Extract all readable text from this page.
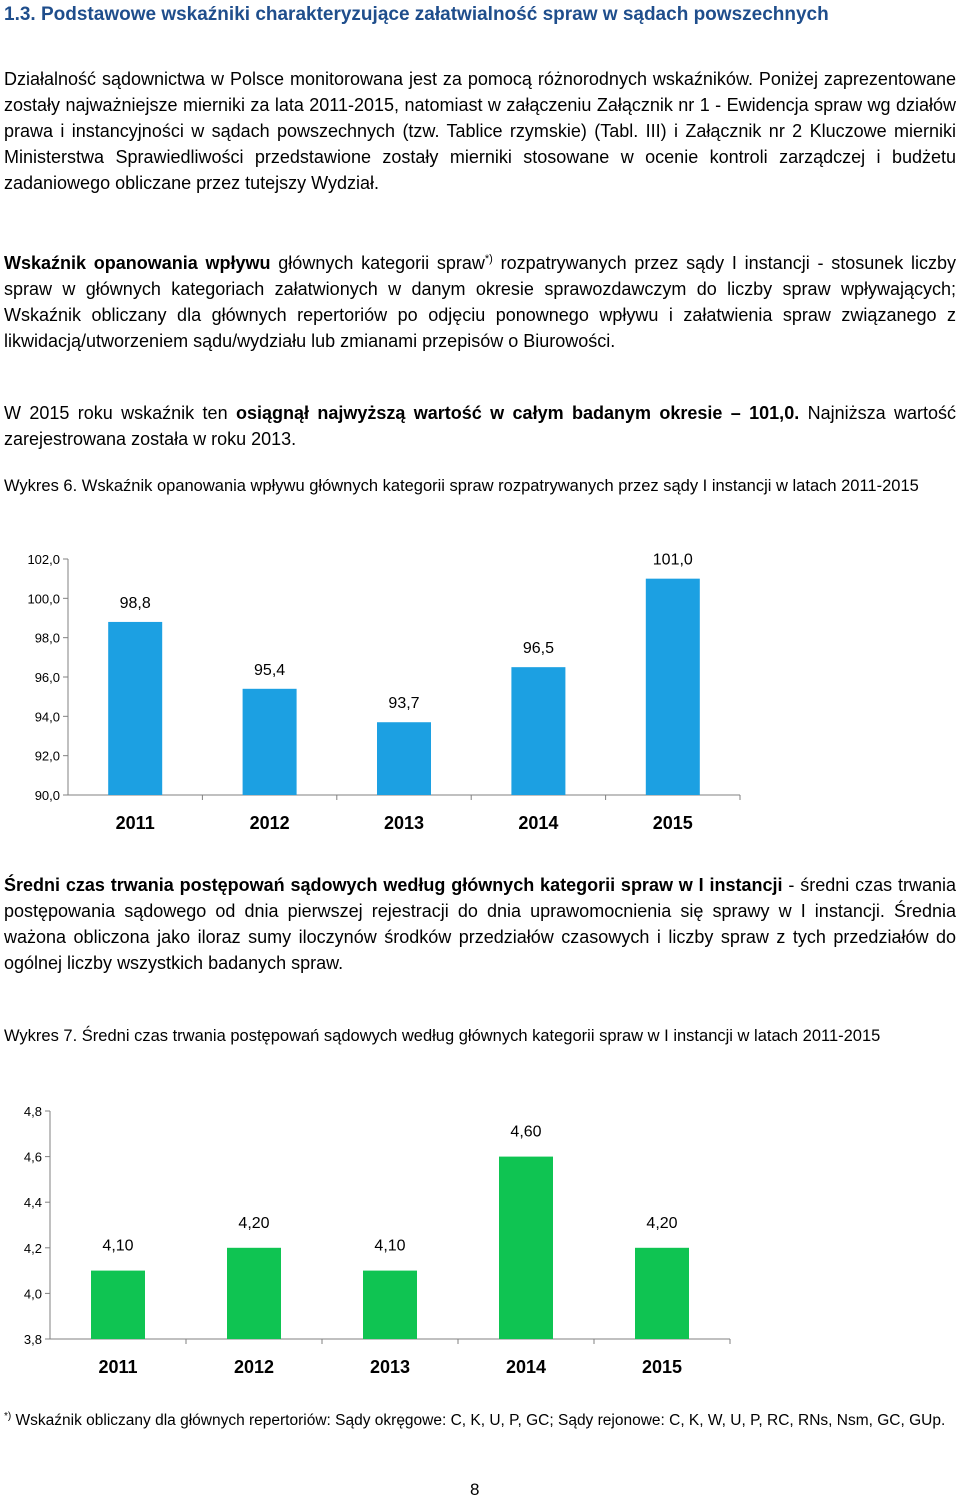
1.3. Podstawowe wskaźniki charakteryzujące załatwialność spraw w sądach powszechnych

Działalność sądownictwa w Polsce monitorowana jest za pomocą różnorodnych wskaźników. Poniżej zaprezentowane zostały najważniejsze mierniki za lata 2011-2015, natomiast w załączeniu Załącznik nr 1 - Ewidencja spraw wg działów prawa i instancyjności w sądach powszechnych (tzw. Tablice rzymskie) (Tabl. III) i Załącznik nr 2 Kluczowe mierniki Ministerstwa Sprawiedliwości przedstawione zostały mierniki stosowane w ocenie kontroli zarządczej i budżetu zadaniowego obliczane przez tutejszy Wydział.

Wskaźnik opanowania wpływu głównych kategorii spraw*) rozpatrywanych przez sądy I instancji - stosunek liczby spraw w głównych kategoriach załatwionych w danym okresie sprawozdawczym do liczby spraw wpływających; Wskaźnik obliczany dla głównych repertoriów po odjęciu ponownego wpływu i załatwienia spraw związanego z likwidacją/utworzeniem sądu/wydziału lub zmianami przepisów o Biurowości.

W 2015 roku wskaźnik ten osiągnął najwyższą wartość w całym badanym okresie – 101,0. Najniższa wartość zarejestrowana została w roku 2013.

Wykres 6. Wskaźnik opanowania wpływu głównych kategorii spraw rozpatrywanych przez sądy I instancji w latach 2011-2015

90,0
92,0
94,0
96,0
98,0
100,0
102,0
98,8
2011
95,4
2012
93,7
2013
96,5
2014
101,0
2015

Średni czas trwania postępowań sądowych według głównych kategorii spraw w I instancji - średni czas trwania postępowania sądowego od dnia pierwszej rejestracji do dnia uprawomocnienia się sprawy w I instancji. Średnia ważona obliczona jako iloraz sumy iloczynów środków przedziałów czasowych i liczby spraw z tych przedziałów do ogólnej liczby wszystkich badanych spraw.

Wykres 7. Średni czas trwania postępowań sądowych według głównych kategorii spraw w I instancji w latach 2011-2015

3,8
4,0
4,2
4,4
4,6
4,8
4,10
2011
4,20
2012
4,10
2013
4,60
2014
4,20
2015

*) Wskaźnik obliczany dla głównych repertoriów: Sądy okręgowe: C, K, U, P, GC; Sądy rejonowe: C, K, W, U, P, RC, RNs, Nsm, GC, GUp.

8
